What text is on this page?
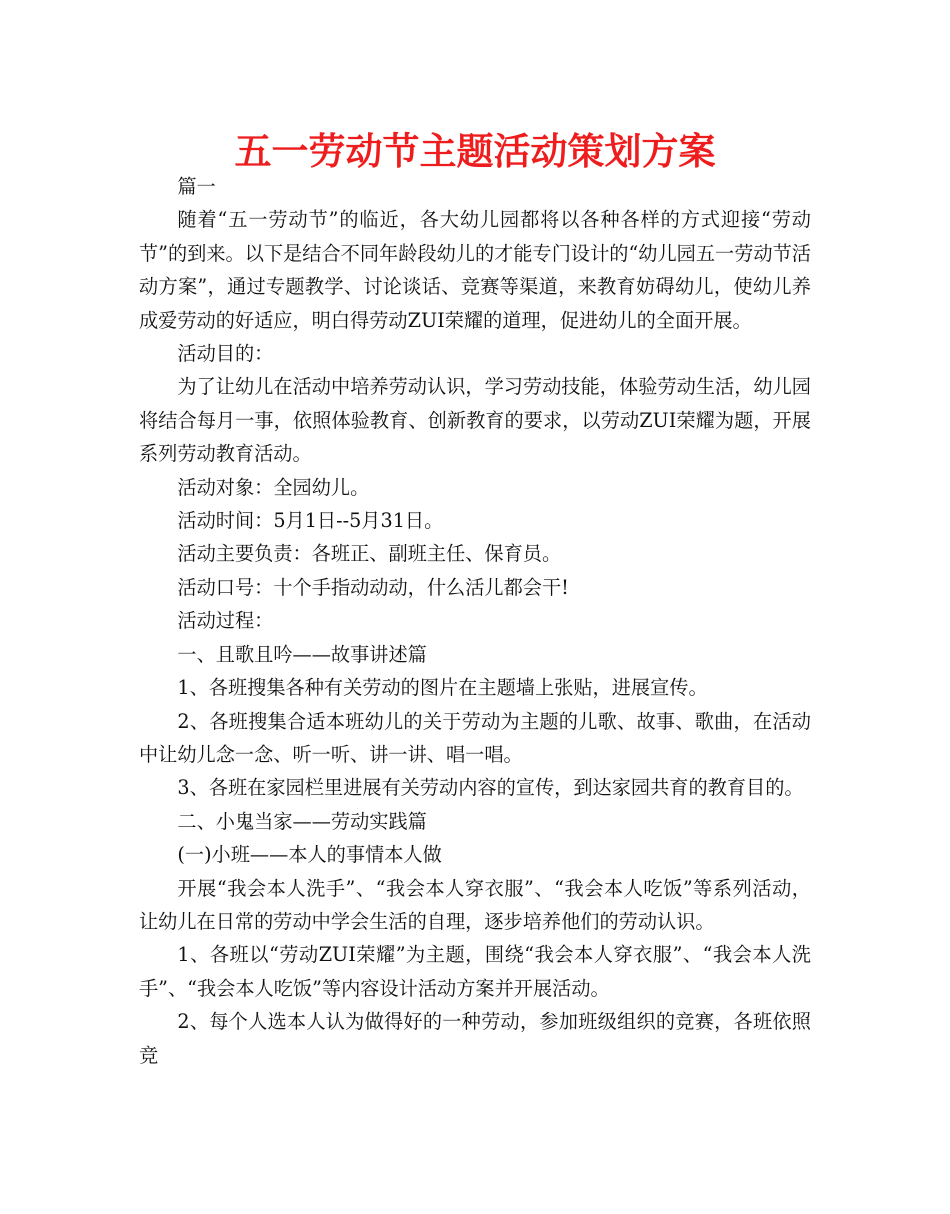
五一劳动节主题活动策划方案

篇一

随着“五一劳动节”的临近，各大幼儿园都将以各种各样的方式迎接“劳动节”的到来。以下是结合不同年龄段幼儿的才能专门设计的“幼儿园五一劳动节活动方案”，通过专题教学、讨论谈话、竞赛等渠道，来教育妨碍幼儿，使幼儿养成爱劳动的好适应，明白得劳动ZUI荣耀的道理，促进幼儿的全面开展。

活动目的：

为了让幼儿在活动中培养劳动认识，学习劳动技能，体验劳动生活，幼儿园将结合每月一事，依照体验教育、创新教育的要求，以劳动ZUI荣耀为题，开展系列劳动教育活动。

活动对象：全园幼儿。

活动时间：5月1日--5月31日。

活动主要负责：各班正、副班主任、保育员。

活动口号：十个手指动动动，什么活儿都会干!

活动过程：

一、且歌且吟——故事讲述篇

1、各班搜集各种有关劳动的图片在主题墙上张贴，进展宣传。

2、各班搜集合适本班幼儿的关于劳动为主题的儿歌、故事、歌曲，在活动中让幼儿念一念、听一听、讲一讲、唱一唱。

3、各班在家园栏里进展有关劳动内容的宣传，到达家园共育的教育目的。

二、小鬼当家——劳动实践篇

(一)小班——本人的事情本人做

开展“我会本人洗手”、“我会本人穿衣服”、“我会本人吃饭”等系列活动，让幼儿在日常的劳动中学会生活的自理，逐步培养他们的劳动认识。

1、各班以“劳动ZUI荣耀”为主题，围绕“我会本人穿衣服”、“我会本人洗手”、“我会本人吃饭”等内容设计活动方案并开展活动。

2、每个人选本人认为做得好的一种劳动，参加班级组织的竞赛，各班依照竞
